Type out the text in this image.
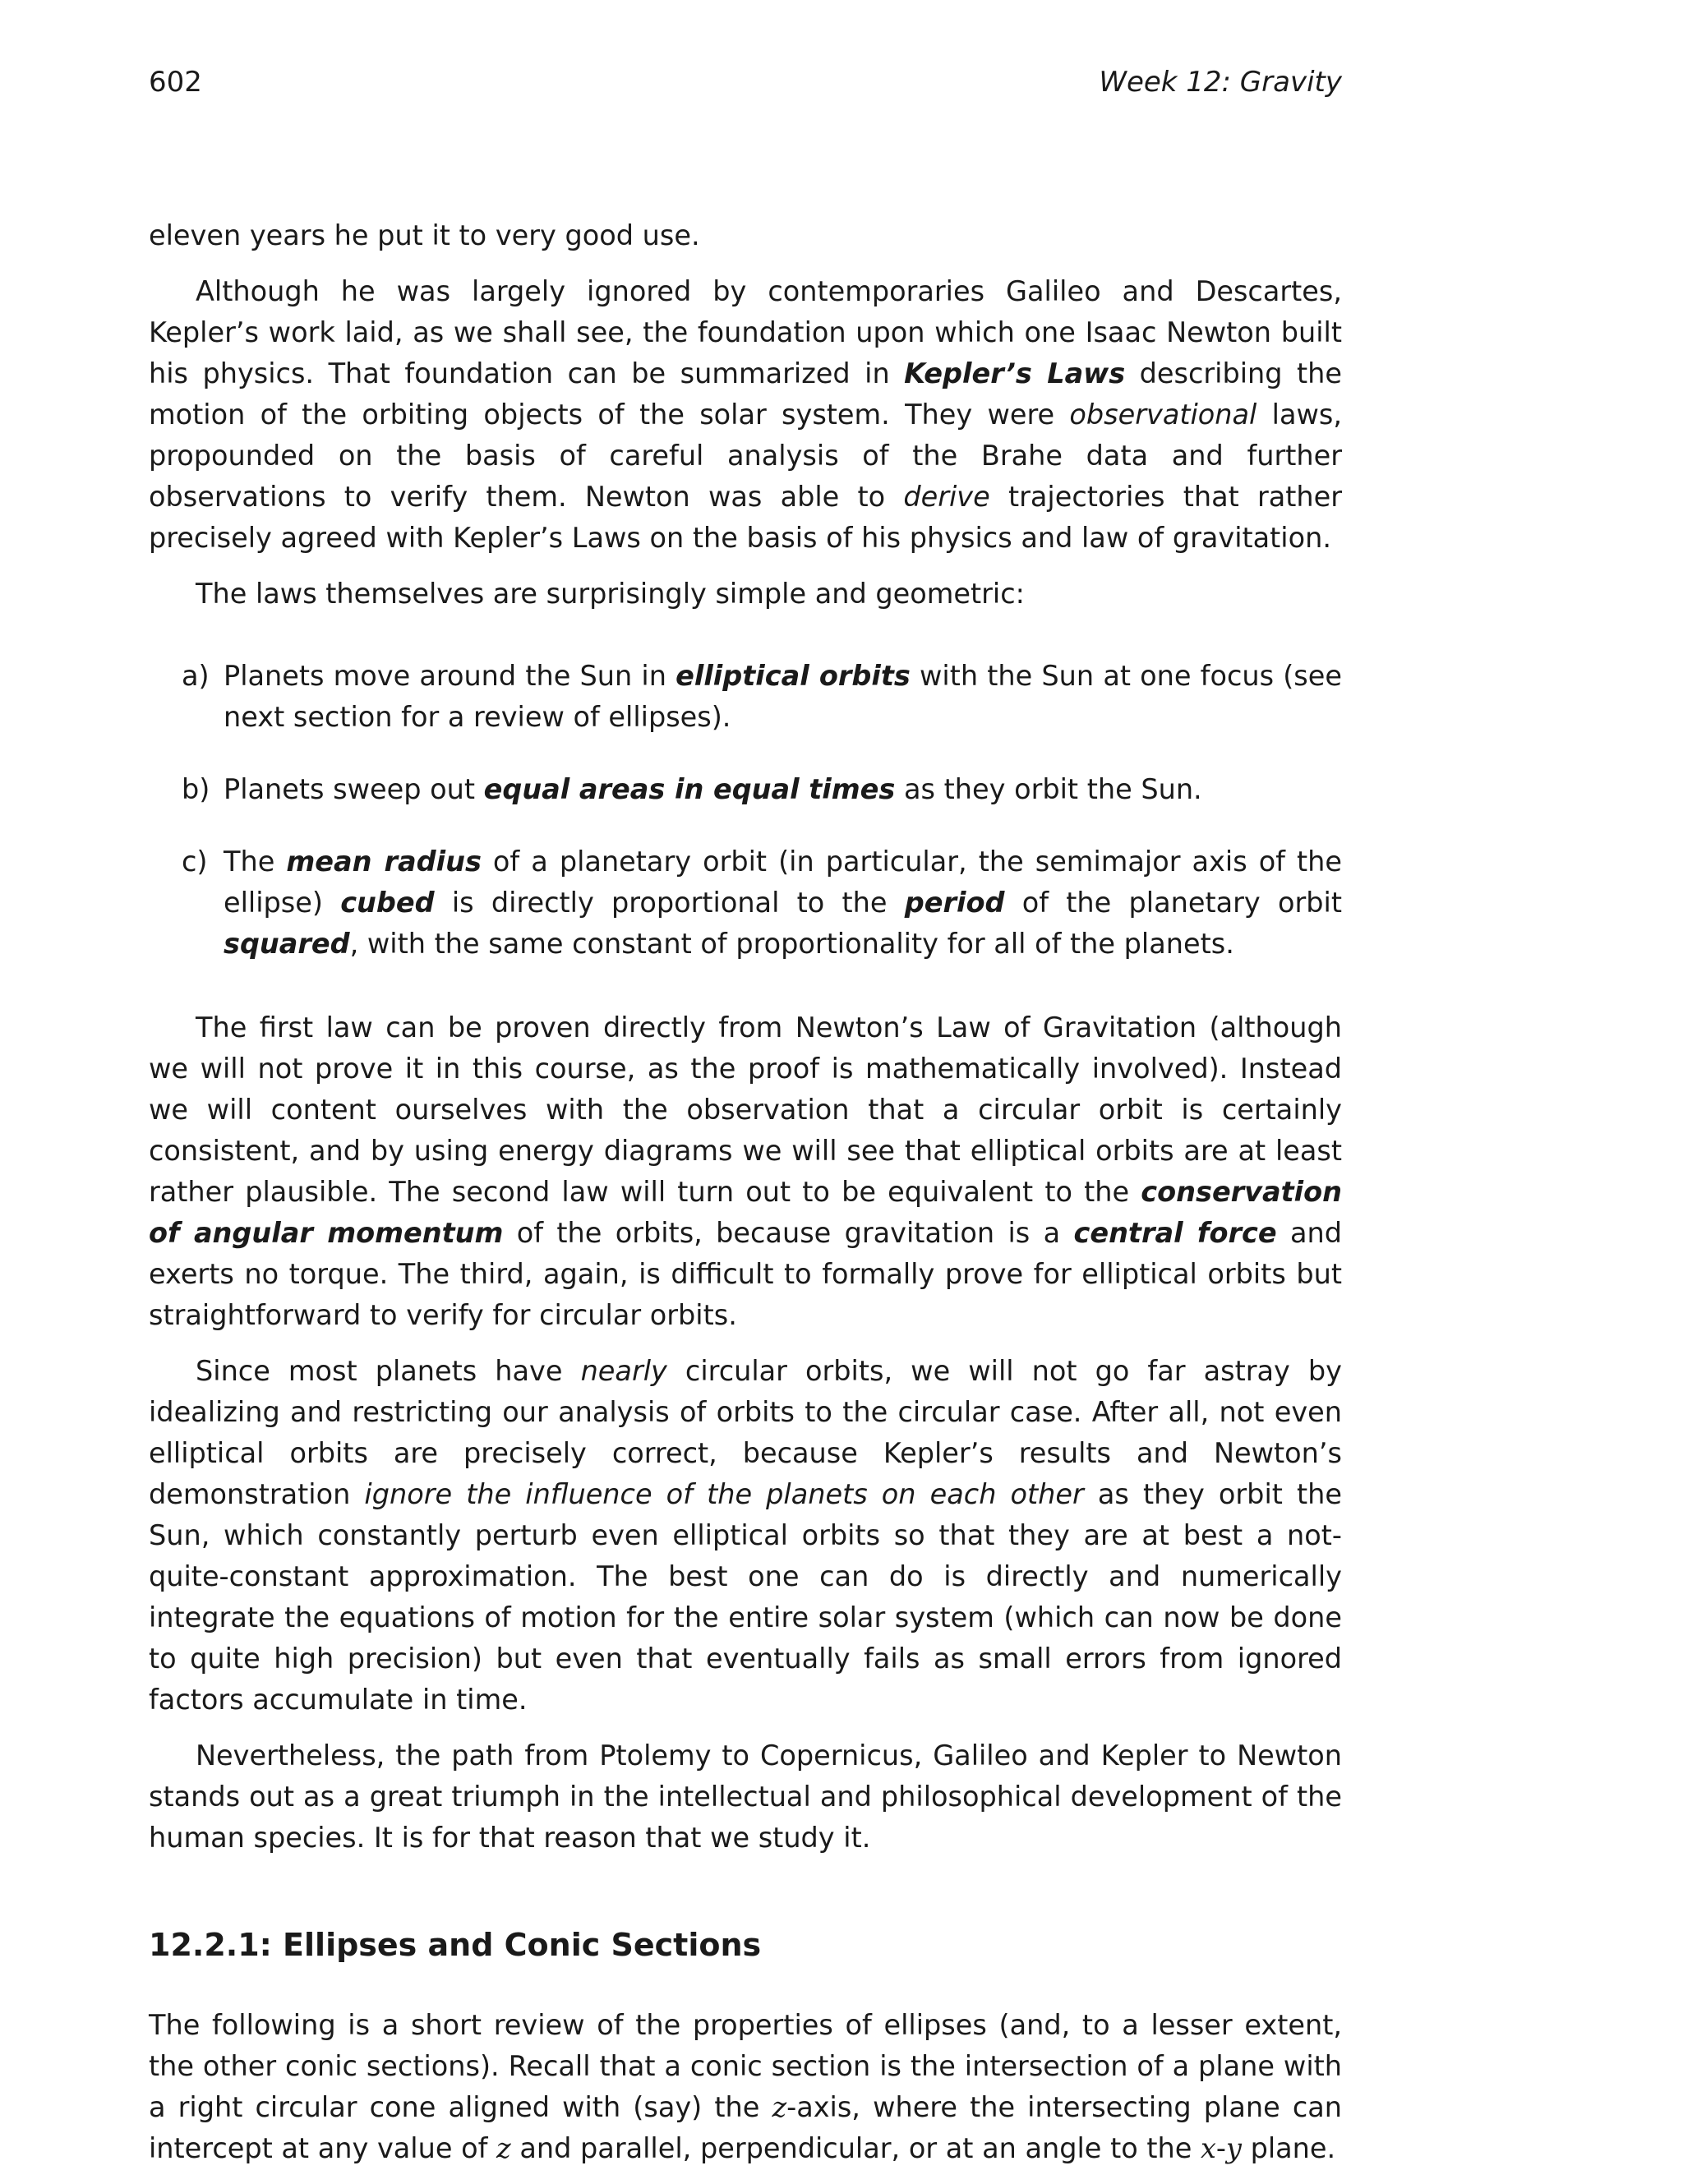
602	Week 12: Gravity

eleven years he put it to very good use.

Although he was largely ignored by contemporaries Galileo and Descartes, Kepler’s work laid, as we shall see, the foundation upon which one Isaac Newton built his physics. That foundation can be summarized in Kepler’s Laws describing the motion of the orbiting objects of the solar system. They were observational laws, propounded on the basis of careful analysis of the Brahe data and further observations to verify them. Newton was able to derive trajectories that rather precisely agreed with Kepler’s Laws on the basis of his physics and law of gravitation.

The laws themselves are surprisingly simple and geometric:

a) Planets move around the Sun in elliptical orbits with the Sun at one focus (see next section for a review of ellipses).
b) Planets sweep out equal areas in equal times as they orbit the Sun.
c) The mean radius of a planetary orbit (in particular, the semimajor axis of the ellipse) cubed is directly proportional to the period of the planetary orbit squared, with the same constant of proportionality for all of the planets.

The first law can be proven directly from Newton’s Law of Gravitation (although we will not prove it in this course, as the proof is mathematically involved). Instead we will content ourselves with the observation that a circular orbit is certainly consistent, and by using energy diagrams we will see that elliptical orbits are at least rather plausible. The second law will turn out to be equivalent to the conservation of angular momentum of the orbits, because gravitation is a central force and exerts no torque. The third, again, is difficult to formally prove for elliptical orbits but straightforward to verify for circular orbits.

Since most planets have nearly circular orbits, we will not go far astray by idealizing and restricting our analysis of orbits to the circular case. After all, not even elliptical orbits are precisely correct, because Kepler’s results and Newton’s demonstration ignore the influence of the planets on each other as they orbit the Sun, which constantly perturb even elliptical orbits so that they are at best a not-quite-constant approximation. The best one can do is directly and numerically integrate the equations of motion for the entire solar system (which can now be done to quite high precision) but even that eventually fails as small errors from ignored factors accumulate in time.

Nevertheless, the path from Ptolemy to Copernicus, Galileo and Kepler to Newton stands out as a great triumph in the intellectual and philosophical development of the human species. It is for that reason that we study it.

12.2.1: Ellipses and Conic Sections

The following is a short review of the properties of ellipses (and, to a lesser extent, the other conic sections). Recall that a conic section is the intersection of a plane with a right circular cone aligned with (say) the z-axis, where the intersecting plane can intercept at any value of z and parallel, perpendicular, or at an angle to the x-y plane.
